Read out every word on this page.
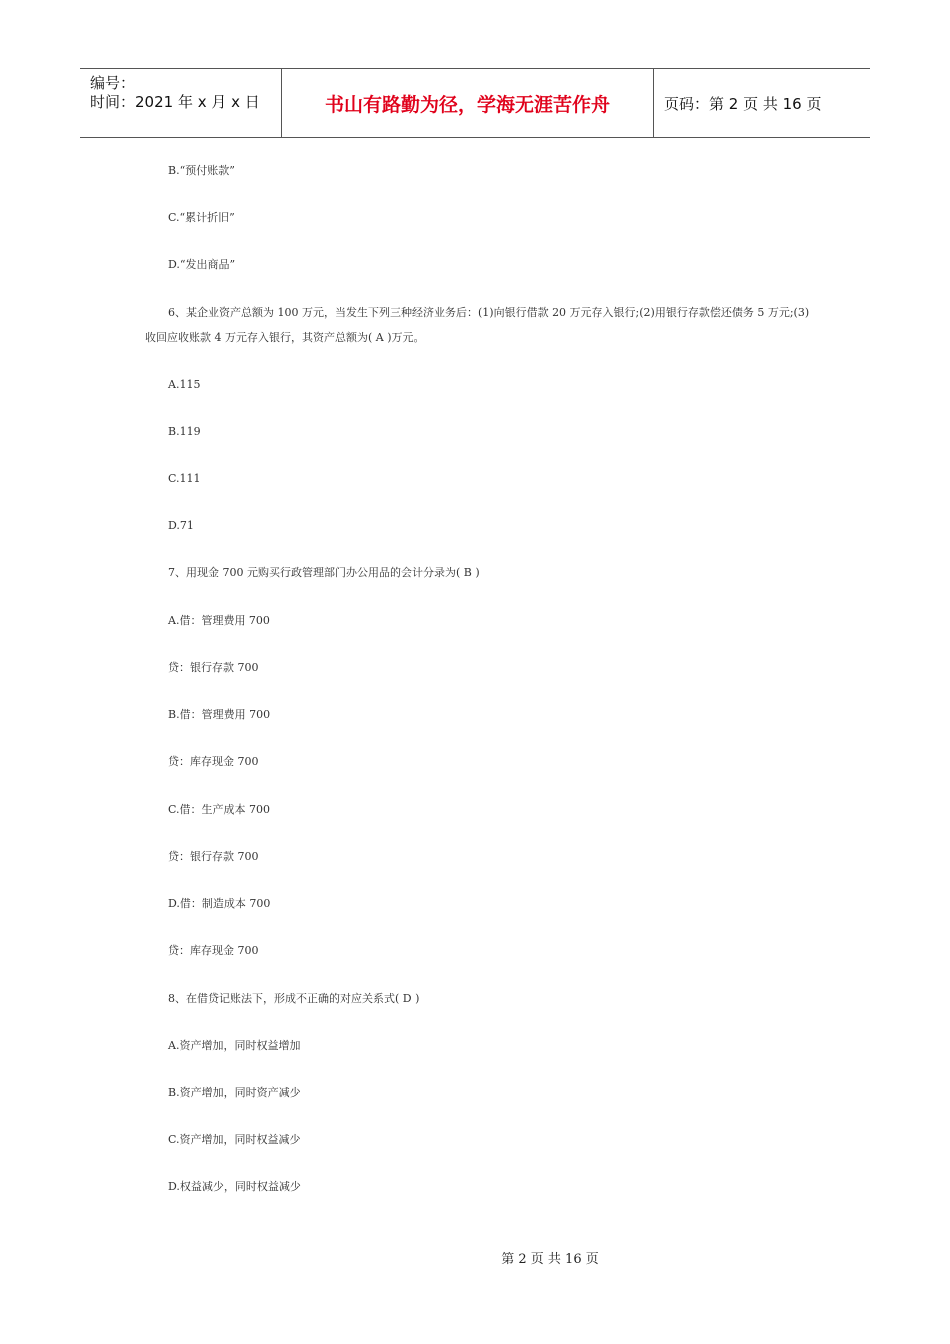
编号：
时间：2021 年 x 月 x 日	书山有路勤为径，学海无涯苦作舟	页码：第 2 页 共 16 页
B.“预付账款”
C.“累计折旧”
D.“发出商品”
6、某企业资产总额为 100 万元，当发生下列三种经济业务后：(1)向银行借款 20 万元存入银行;(2)用银行存款偿还债务 5 万元;(3)收回应收账款 4 万元存入银行，其资产总额为( A )万元。
A.115
B.119
C.111
D.71
7、用现金 700 元购买行政管理部门办公用品的会计分录为( B )
A.借：管理费用 700
贷：银行存款 700
B.借：管理费用 700
贷：库存现金 700
C.借：生产成本 700
贷：银行存款 700
D.借：制造成本 700
贷：库存现金 700
8、在借贷记账法下，形成不正确的对应关系式( D )
A.资产增加，同时权益增加
B.资产增加，同时资产减少
C.资产增加，同时权益减少
D.权益减少，同时权益减少
第 2 页 共 16 页
